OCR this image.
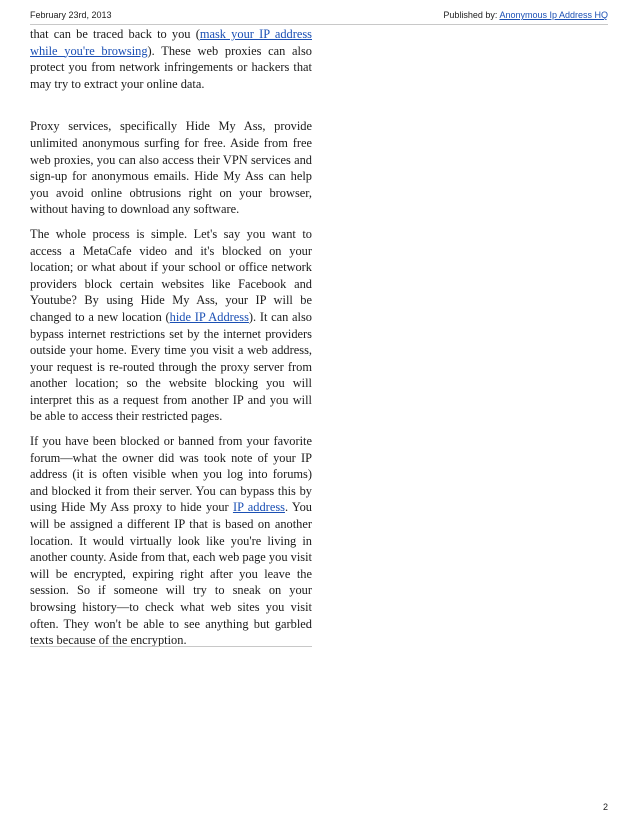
February 23rd, 2013	Published by: Anonymous Ip Address HQ

that can be traced back to you (mask your IP address while you're browsing). These web proxies can also protect you from network infringements or hackers that may try to extract your online data.

Proxy services, specifically Hide My Ass, provide unlimited anonymous surfing for free. Aside from free web proxies, you can also access their VPN services and sign-up for anonymous emails. Hide My Ass can help you avoid online obtrusions right on your browser, without having to download any software.

The whole process is simple. Let's say you want to access a MetaCafe video and it's blocked on your location; or what about if your school or office network providers block certain websites like Facebook and Youtube? By using Hide My Ass, your IP will be changed to a new location (hide IP Address). It can also bypass internet restrictions set by the internet providers outside your home. Every time you visit a web address, your request is re-routed through the proxy server from another location; so the website blocking you will interpret this as a request from another IP and you will be able to access their restricted pages.

If you have been blocked or banned from your favorite forum—what the owner did was took note of your IP address (it is often visible when you log into forums) and blocked it from their server. You can bypass this by using Hide My Ass proxy to hide your IP address. You will be assigned a different IP that is based on another location. It would virtually look like you're living in another county. Aside from that, each web page you visit will be encrypted, expiring right after you leave the session. So if someone will try to sneak on your browsing history—to check what web sites you visit often. They won't be able to see anything but garbled texts because of the encryption.

2
